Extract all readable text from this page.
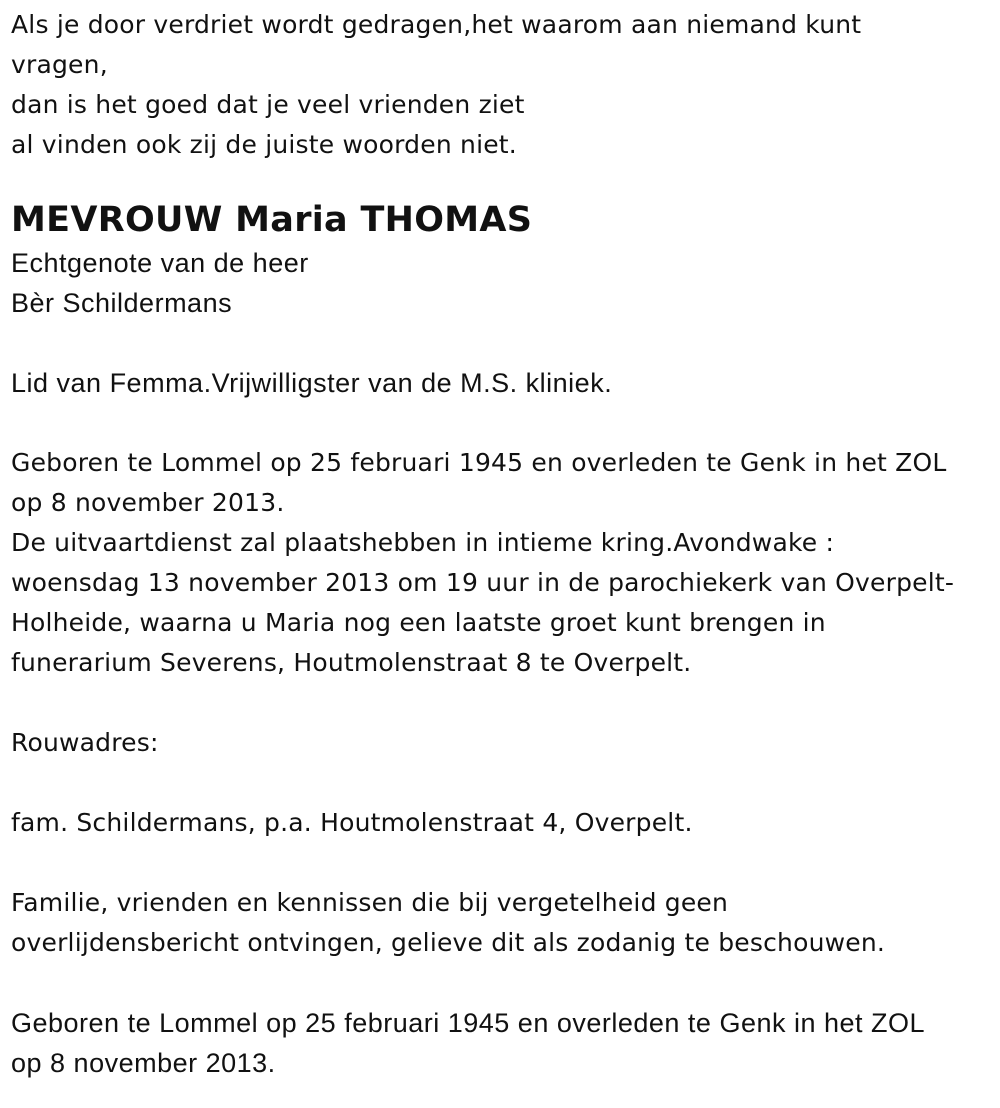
Als je door verdriet wordt gedragen,het waarom aan niemand kunt
vragen,
dan is het goed dat je veel vrienden ziet
al vinden ook zij de juiste woorden niet.
MEVROUW Maria THOMAS
Echtgenote van de heer
Bèr Schildermans
Lid van Femma.Vrijwilligster van de M.S. kliniek.
Geboren te Lommel op 25 februari 1945 en overleden te Genk in het ZOL
op 8 november 2013.
De uitvaartdienst zal plaatshebben in intieme kring.Avondwake :
woensdag 13 november 2013 om 19 uur in de parochiekerk van Overpelt-
Holheide, waarna u Maria nog een laatste groet kunt brengen in
funerarium Severens, Houtmolenstraat 8 te Overpelt.
Rouwadres:
fam. Schildermans, p.a. Houtmolenstraat 4, Overpelt.
Familie, vrienden en kennissen die bij vergetelheid geen
overlijdensbericht ontvingen, gelieve dit als zodanig te beschouwen.
Geboren te Lommel op 25 februari 1945 en overleden te Genk in het ZOL
op 8 november 2013.
